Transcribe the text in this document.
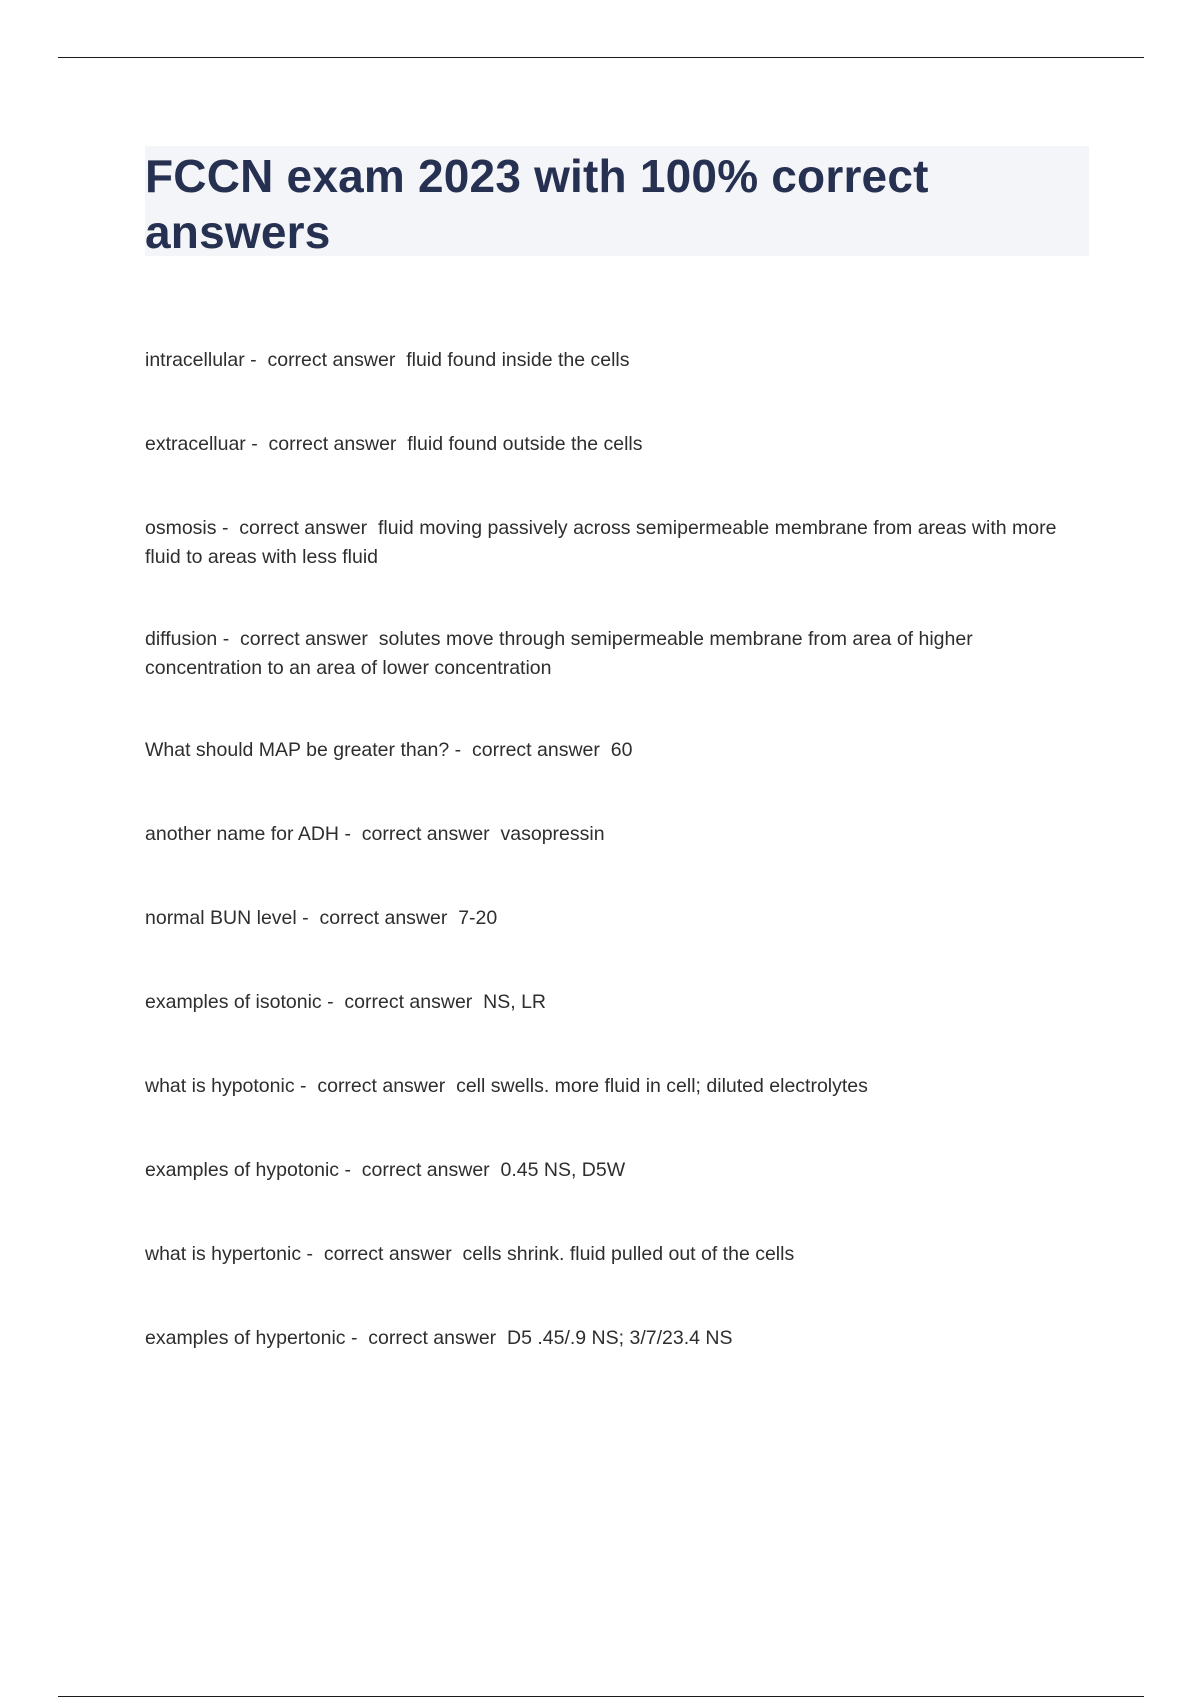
FCCN exam 2023 with 100% correct answers
intracellular -  correct answer  fluid found inside the cells
extracelluar -  correct answer  fluid found outside the cells
osmosis -  correct answer  fluid moving passively across semipermeable membrane from areas with more fluid to areas with less fluid
diffusion -  correct answer  solutes move through semipermeable membrane from area of higher concentration to an area of lower concentration
What should MAP be greater than? -  correct answer  60
another name for ADH -  correct answer  vasopressin
normal BUN level -  correct answer  7-20
examples of isotonic -  correct answer  NS, LR
what is hypotonic -  correct answer  cell swells. more fluid in cell; diluted electrolytes
examples of hypotonic -  correct answer  0.45 NS, D5W
what is hypertonic -  correct answer  cells shrink. fluid pulled out of the cells
examples of hypertonic -  correct answer  D5 .45/.9 NS; 3/7/23.4 NS
